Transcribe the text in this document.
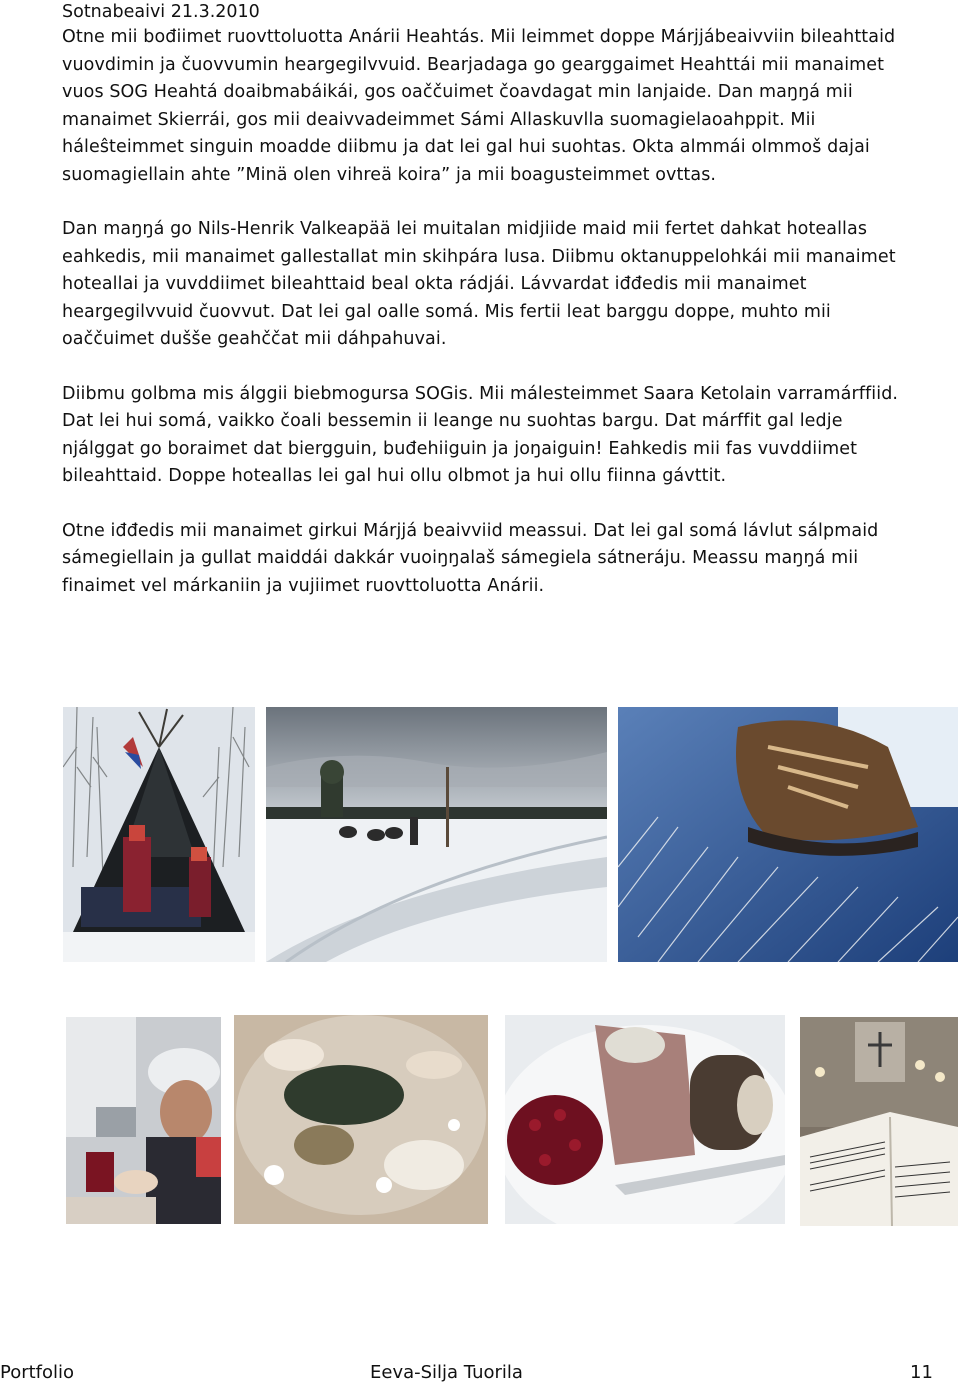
Sotnabeaivi 21.3.2010

Otne mii bođiimet ruovttoluotta Anárii Heahtás. Mii leimmet doppe Márjjábeaivviin bileahttaid
vuovdimin ja čuovvumin heargegilvvuid. Bearjadaga go gearggaimet Heahttái mii manaimet
vuos SOG Heahtá doaibmabáikái, gos oaččuimet čoavdagat min lanjaide. Dan maŋŋá mii
manaimet Skierrái, gos mii deaivvadeimmet Sámi Allaskuvlla suomagielaoahppit. Mii
háleŝteimmet singuin moadde diibmu ja dat lei gal hui suohtas. Okta almmái olmmoš dajai
suomagiellain ahte ”Minä olen vihreä koira” ja mii boagusteimmet ovttas.

Dan maŋŋá go Nils-Henrik Valkeapää lei muitalan midjiide maid mii fertet dahkat hoteallas
eahkedis, mii manaimet gallestallat min skihpára lusa. Diibmu oktanuppelohkái mii manaimet
hoteallai ja vuvddiimet bileahttaid beal okta rádjái. Lávvardat iđđedis mii manaimet
heargegilvvuid čuovvut. Dat lei gal oalle somá. Mis fertii leat barggu doppe, muhto mii
oaččuimet dušše geahččat mii dáhpahuvai.

Diibmu golbma mis álggii biebmogursa SOGis. Mii málesteimmet Saara Ketolain varramárffiid.
Dat lei hui somá, vaikko čoali bessemin ii leange nu suohtas bargu. Dat márffit gal ledje
njálggat go boraimet dat biergguin, buđehiiguin ja joŋaiguin! Eahkedis mii fas vuvddiimet
bileahttaid. Doppe hoteallas lei gal hui ollu olbmot ja hui ollu fiinna gávttit.

Otne iđđedis mii manaimet girkui Márjjá beaivviid meassui. Dat lei gal somá lávlut sálpmaid
sámegiellain ja gullat maiddái dakkár vuoiŋŋalaš sámegiela sátneráju. Meassu maŋŋá mii
finaimet vel márkaniin ja vujiimet ruovttoluotta Anárii.

Portfolio	Eeva-Silja Tuorila	11
